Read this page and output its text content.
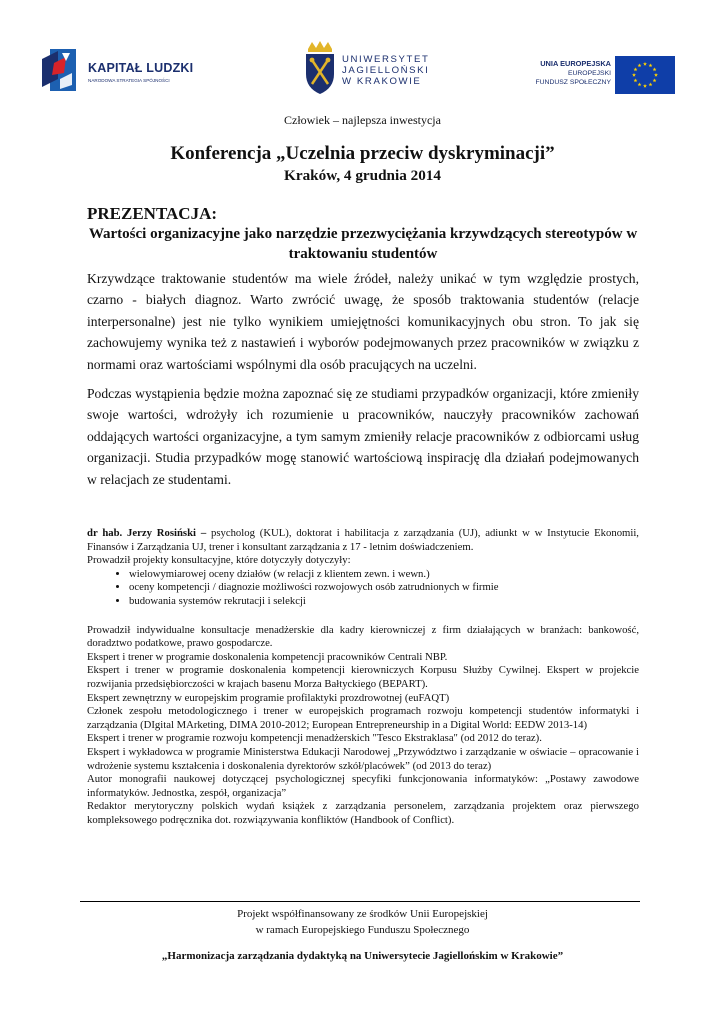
KAPITAŁ LUDZKI
NARODOWA STRATEGIA SPÓJNOŚCI
UNIWERSYTET
JAGIELLOŃSKI
W KRAKOWIE
UNIA EUROPEJSKA
EUROPEJSKI
FUNDUSZ SPOŁECZNY
Człowiek – najlepsza inwestycja
Konferencja „Uczelnia przeciw dyskryminacji”
Kraków, 4 grudnia 2014
PREZENTACJA:
Wartości organizacyjne jako narzędzie przezwyciężania krzywdzących stereotypów w traktowaniu studentów

Krzywdzące traktowanie studentów ma wiele źródeł, należy unikać w tym względzie prostych, czarno - białych diagnoz. Warto zwrócić uwagę, że sposób traktowania studentów (relacje interpersonalne) jest nie tylko wynikiem umiejętności komunikacyjnych obu stron. To jak się zachowujemy wynika też z nastawień i wyborów podejmowanych przez pracowników w związku z normami oraz wartościami wspólnymi dla osób pracujących na uczelni.

Podczas wystąpienia będzie można zapoznać się ze studiami przypadków organizacji, które zmieniły swoje wartości, wdrożyły ich rozumienie u pracowników, nauczyły pracowników zachowań oddających wartości organizacyjne, a tym samym zmieniły relacje pracowników z odbiorcami usług organizacji. Studia przypadków mogę stanowić wartościową inspirację dla działań podejmowanych w relacjach ze studentami.

dr hab. Jerzy Rosiński – psycholog (KUL), doktorat i habilitacja z zarządzania (UJ), adiunkt w w Instytucie Ekonomii, Finansów i Zarządzania UJ, trener i konsultant zarządzania z 17 - letnim doświadczeniem.

Prowadził projekty konsultacyjne, które dotyczyły dotyczyły:

• wielowymiarowej oceny działów (w relacji z klientem zewn. i wewn.)
• oceny kompetencji / diagnozie możliwości rozwojowych osób zatrudnionych w firmie
• budowania systemów rekrutacji i selekcji

Prowadził indywidualne konsultacje menadżerskie dla kadry kierowniczej z firm działających w branżach: bankowość, doradztwo podatkowe, prawo gospodarcze.

Ekspert i trener w programie doskonalenia kompetencji pracowników Centrali NBP.

Ekspert i trener w programie doskonalenia kompetencji kierowniczych Korpusu Służby Cywilnej. Ekspert w projekcie rozwijania przedsiębiorczości w krajach basenu Morza Bałtyckiego (BEPART).

Ekspert zewnętrzny w europejskim programie profilaktyki prozdrowotnej (euFAQT)

Członek zespołu metodologicznego i trener w europejskich programach rozwoju kompetencji studentów informatyki i zarządzania (DIgital MArketing, DIMA 2010-2012; European Entrepreneurship in a Digital World: EEDW 2013-14)

Ekspert i trener w programie rozwoju kompetencji menadżerskich "Tesco Ekstraklasa" (od 2012 do teraz).

Ekspert i wykładowca w programie Ministerstwa Edukacji Narodowej „Przywództwo i zarządzanie w oświacie – opracowanie i wdrożenie systemu kształcenia i doskonalenia dyrektorów szkół/placówek” (od 2013 do teraz)

Autor monografii naukowej dotyczącej psychologicznej specyfiki funkcjonowania informatyków: „Postawy zawodowe informatyków. Jednostka, zespół, organizacja”

Redaktor merytoryczny polskich wydań książek z zarządzania personelem, zarządzania projektem oraz pierwszego kompleksowego podręcznika dot. rozwiązywania konfliktów (Handbook of Conflict).

Projekt współfinansowany ze środków Unii Europejskiej
w ramach Europejskiego Funduszu Społecznego
„Harmonizacja zarządzania dydaktyką na Uniwersytecie Jagiellońskim w Krakowie”
